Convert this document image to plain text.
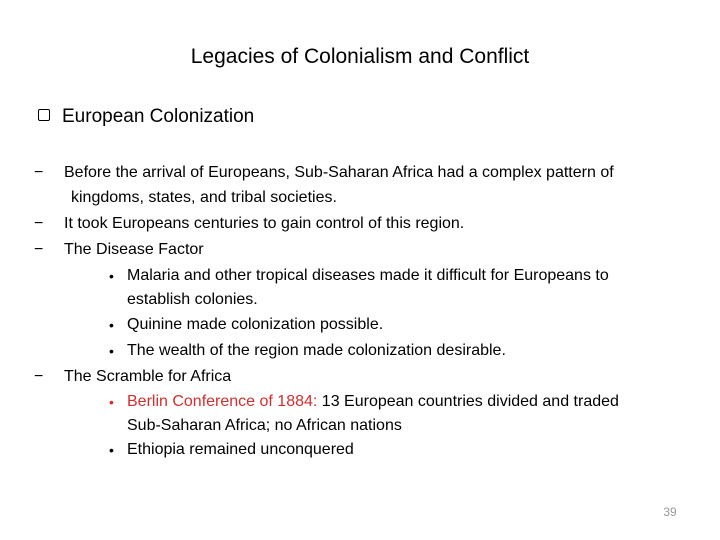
Legacies of Colonialism and Conflict
European Colonization
− Before the arrival of Europeans, Sub-Saharan Africa had a complex pattern of
kingdoms, states, and tribal societies.
− It took Europeans centuries to gain control of this region.
− The Disease Factor
• Malaria and other tropical diseases made it difficult for Europeans to
establish colonies.
• Quinine made colonization possible.
• The wealth of the region made colonization desirable.
− The Scramble for Africa
• Berlin Conference of 1884: 13 European countries divided and traded
Sub-Saharan Africa; no African nations
• Ethiopia remained unconquered
39
